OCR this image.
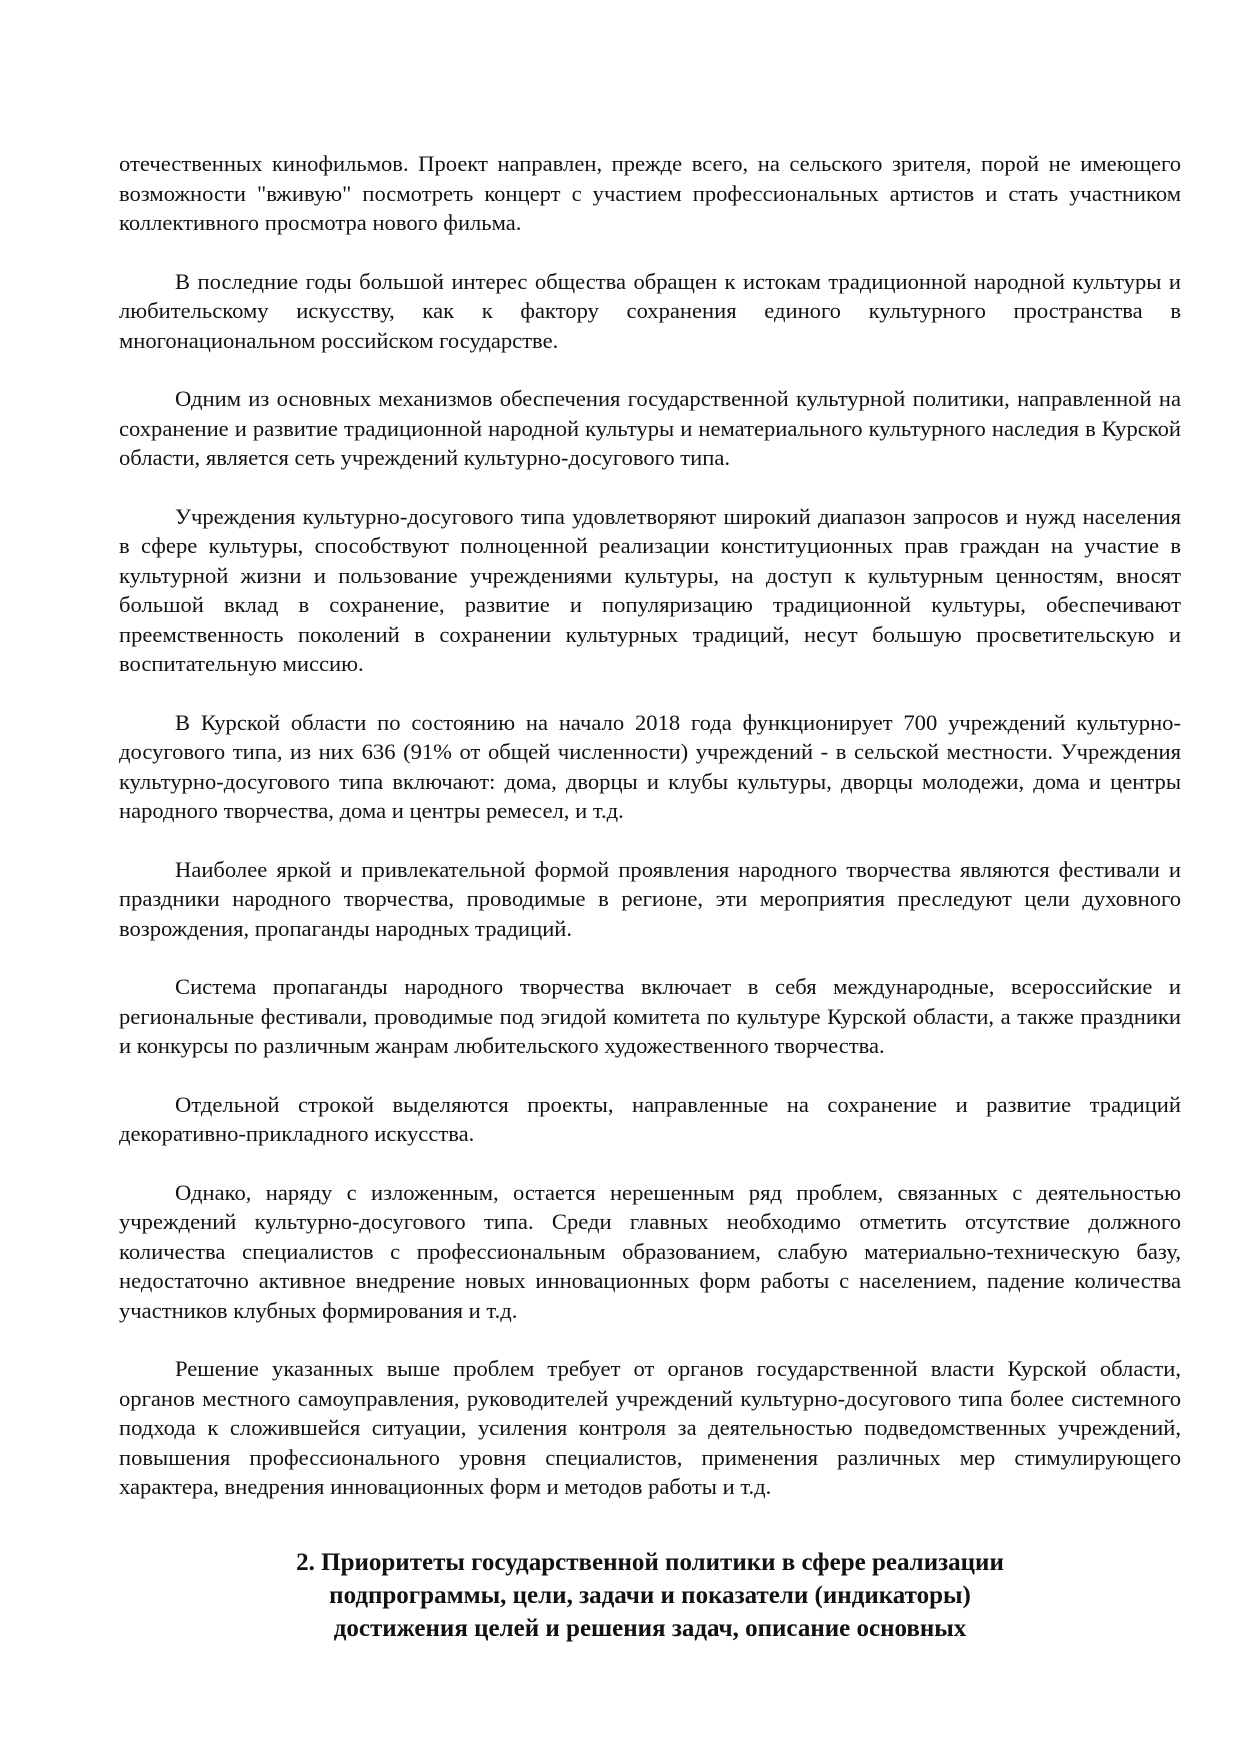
отечественных кинофильмов. Проект направлен, прежде всего, на сельского зрителя, порой не имеющего возможности "вживую" посмотреть концерт с участием профессиональных артистов и стать участником коллективного просмотра нового фильма.

В последние годы большой интерес общества обращен к истокам традиционной народной культуры и любительскому искусству, как к фактору сохранения единого культурного пространства в многонациональном российском государстве.

Одним из основных механизмов обеспечения государственной культурной политики, направленной на сохранение и развитие традиционной народной культуры и нематериального культурного наследия в Курской области, является сеть учреждений культурно-досугового типа.

Учреждения культурно-досугового типа удовлетворяют широкий диапазон запросов и нужд населения в сфере культуры, способствуют полноценной реализации конституционных прав граждан на участие в культурной жизни и пользование учреждениями культуры, на доступ к культурным ценностям, вносят большой вклад в сохранение, развитие и популяризацию традиционной культуры, обеспечивают преемственность поколений в сохранении культурных традиций, несут большую просветительскую и воспитательную миссию.

В Курской области по состоянию на начало 2018 года функционирует 700 учреждений культурно-досугового типа, из них 636 (91% от общей численности) учреждений - в сельской местности. Учреждения культурно-досугового типа включают: дома, дворцы и клубы культуры, дворцы молодежи, дома и центры народного творчества, дома и центры ремесел, и т.д.

Наиболее яркой и привлекательной формой проявления народного творчества являются фестивали и праздники народного творчества, проводимые в регионе, эти мероприятия преследуют цели духовного возрождения, пропаганды народных традиций.

Система пропаганды народного творчества включает в себя международные, всероссийские и региональные фестивали, проводимые под эгидой комитета по культуре Курской области, а также праздники и конкурсы по различным жанрам любительского художественного творчества.

Отдельной строкой выделяются проекты, направленные на сохранение и развитие традиций декоративно-прикладного искусства.

Однако, наряду с изложенным, остается нерешенным ряд проблем, связанных с деятельностью учреждений культурно-досугового типа. Среди главных необходимо отметить отсутствие должного количества специалистов с профессиональным образованием, слабую материально-техническую базу, недостаточно активное внедрение новых инновационных форм работы с населением, падение количества участников клубных формирования и т.д.

Решение указанных выше проблем требует от органов государственной власти Курской области, органов местного самоуправления, руководителей учреждений культурно-досугового типа более системного подхода к сложившейся ситуации, усиления контроля за деятельностью подведомственных учреждений, повышения профессионального уровня специалистов, применения различных мер стимулирующего характера, внедрения инновационных форм и методов работы и т.д.

2. Приоритеты государственной политики в сфере реализации
подпрограммы, цели, задачи и показатели (индикаторы)
достижения целей и решения задач, описание основных
